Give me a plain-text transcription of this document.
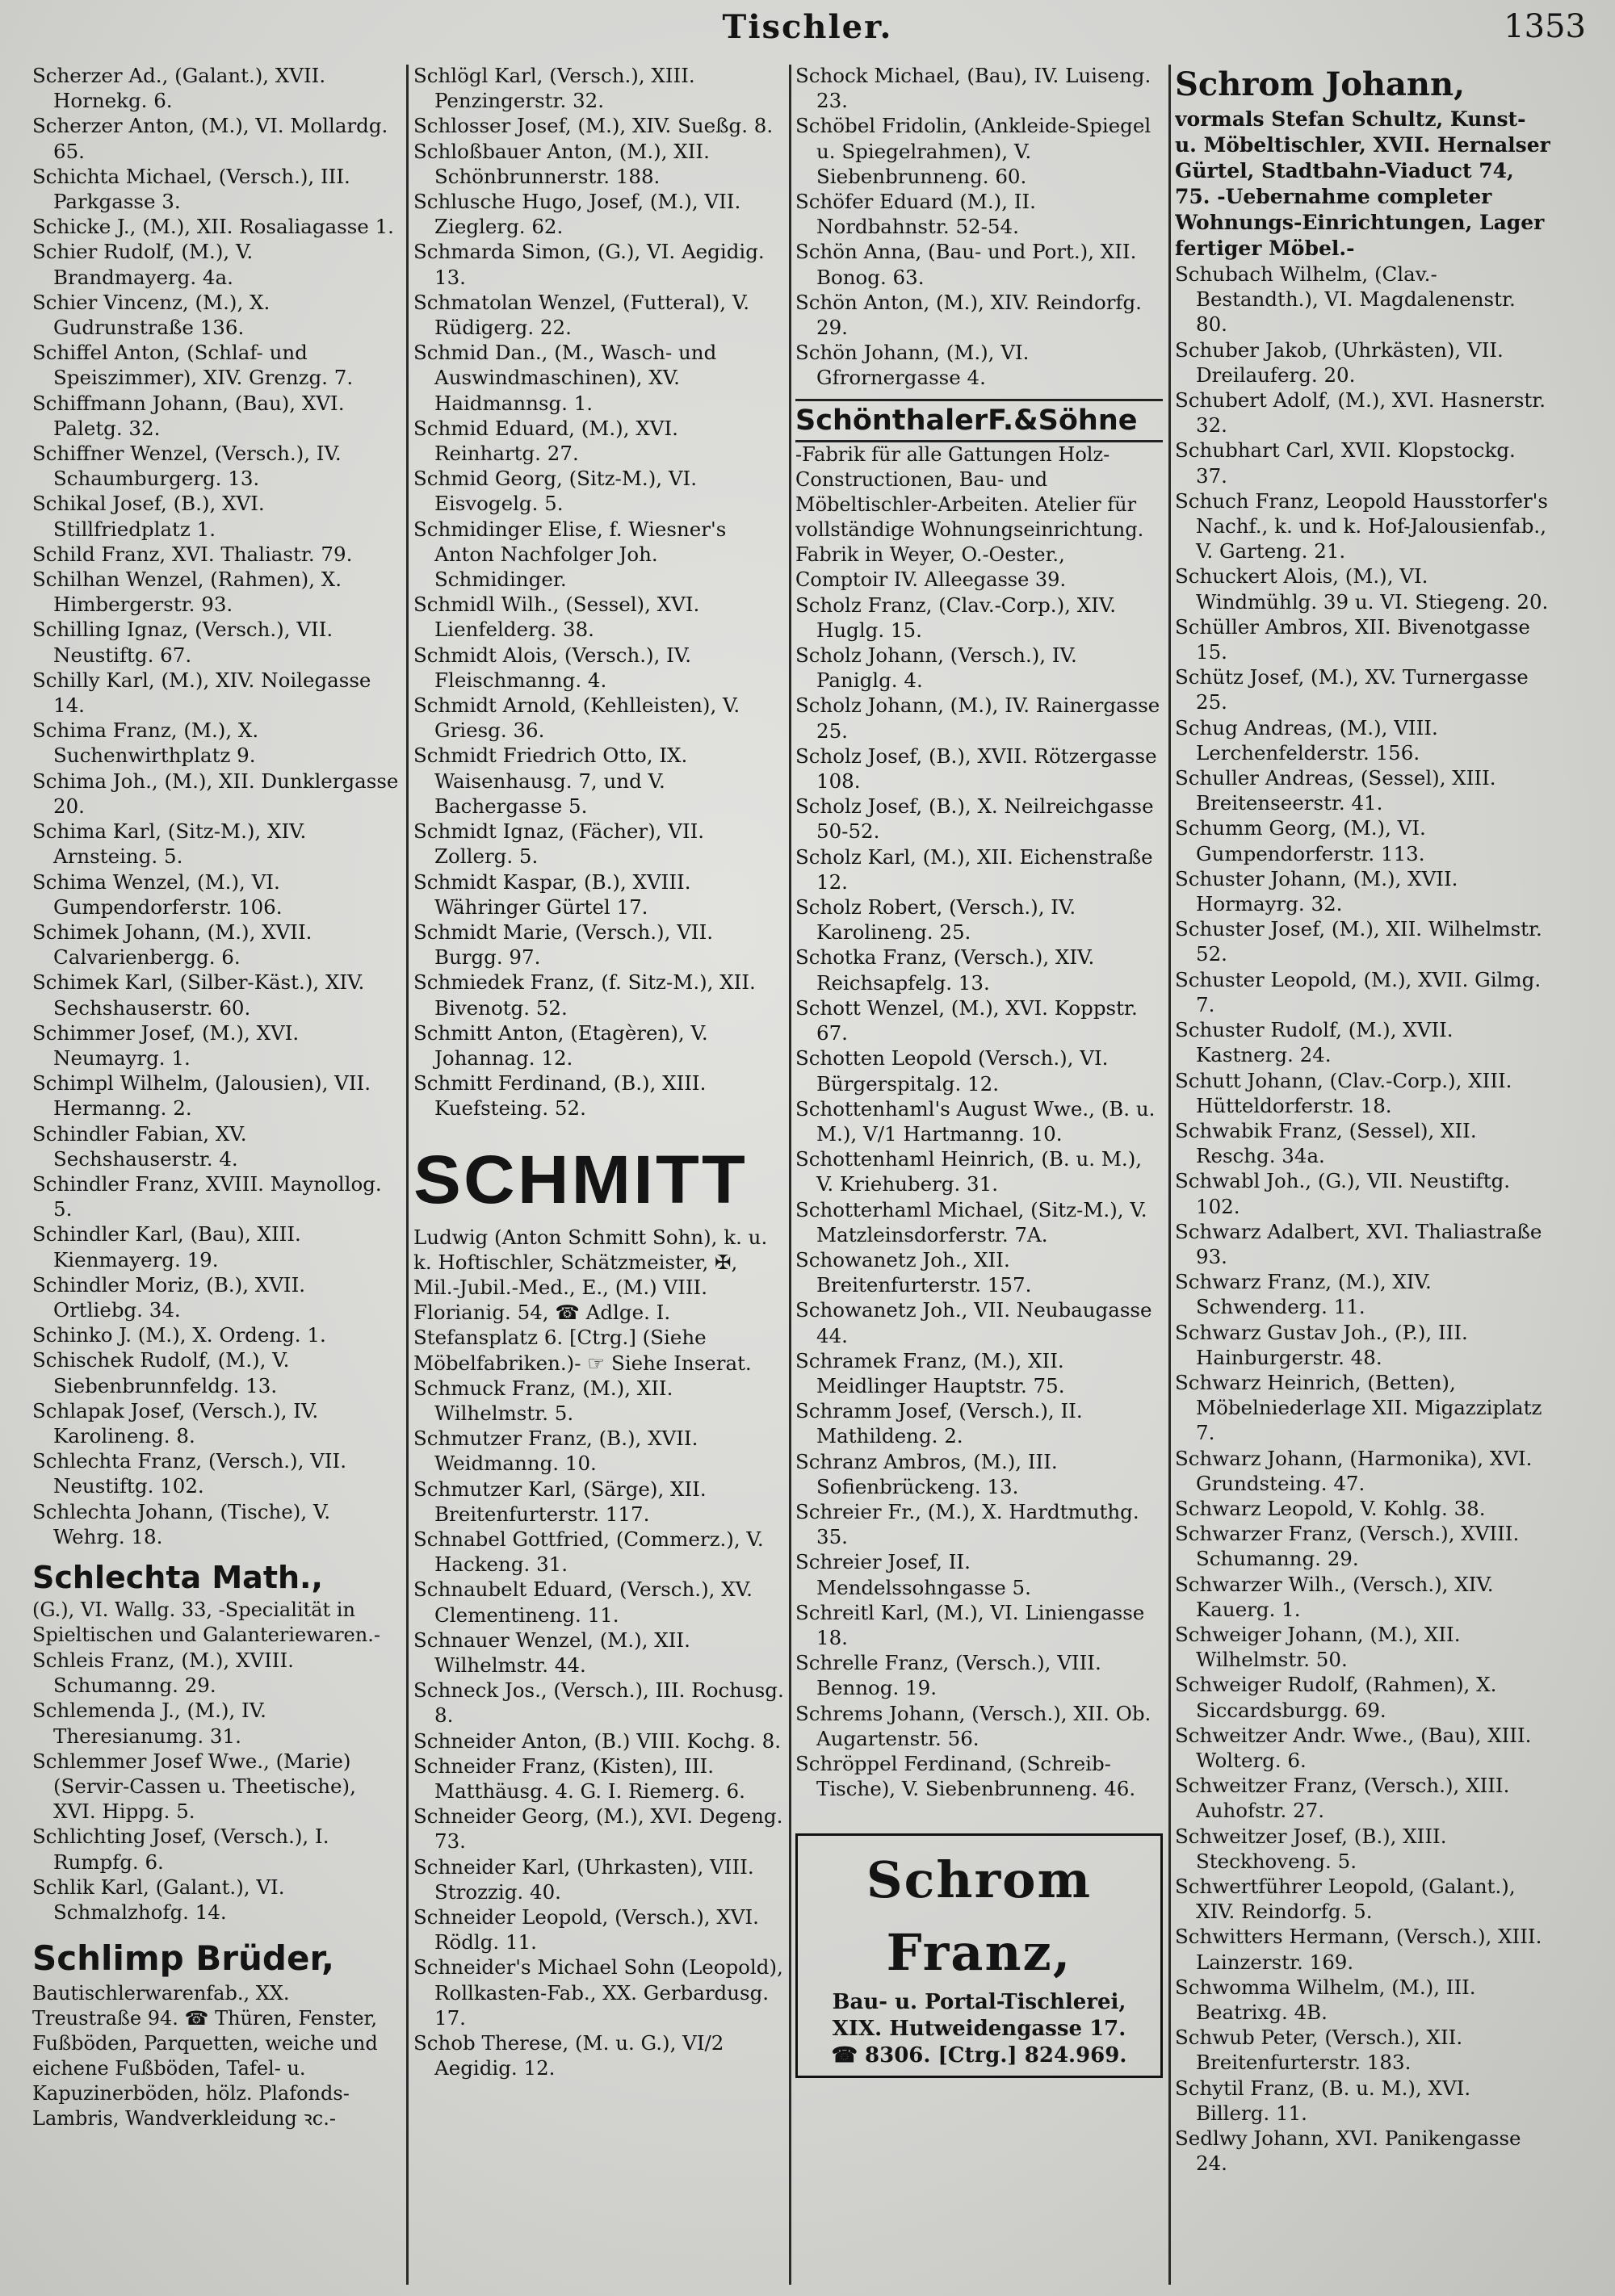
Tischler.	1353

Scherzer Ad., (Galant.), XVII. Hornekg. 6.

Scherzer Anton, (M.), VI. Mollardg. 65.

Schichta Michael, (Versch.), III. Parkgasse 3.

Schicke J., (M.), XII. Rosaliagasse 1.

Schier Rudolf, (M.), V. Brandmayerg. 4a.

Schier Vincenz, (M.), X. Gudrunstraße 136.

Schiffel Anton, (Schlaf- und Speiszimmer), XIV. Grenzg. 7.

Schiffmann Johann, (Bau), XVI. Paletg. 32.

Schiffner Wenzel, (Versch.), IV. Schaumburgerg. 13.

Schikal Josef, (B.), XVI. Stillfriedplatz 1.

Schild Franz, XVI. Thaliastr. 79.

Schilhan Wenzel, (Rahmen), X. Himbergerstr. 93.

Schilling Ignaz, (Versch.), VII. Neustiftg. 67.

Schilly Karl, (M.), XIV. Noilegasse 14.

Schima Franz, (M.), X. Suchenwirthplatz 9.

Schima Joh., (M.), XII. Dunklergasse 20.

Schima Karl, (Sitz-M.), XIV. Arnsteing. 5.

Schima Wenzel, (M.), VI. Gumpendorferstr. 106.

Schimek Johann, (M.), XVII. Calvarienbergg. 6.

Schimek Karl, (Silber-Käst.), XIV. Sechshauserstr. 60.

Schimmer Josef, (M.), XVI. Neumayrg. 1.

Schimpl Wilhelm, (Jalousien), VII. Hermanng. 2.

Schindler Fabian, XV. Sechshauserstr. 4.

Schindler Franz, XVIII. Maynollog. 5.

Schindler Karl, (Bau), XIII. Kienmayerg. 19.

Schindler Moriz, (B.), XVII. Ortliebg. 34.

Schinko J. (M.), X. Ordeng. 1.

Schischek Rudolf, (M.), V. Siebenbrunnfeldg. 13.

Schlapak Josef, (Versch.), IV. Karolineng. 8.

Schlechta Franz, (Versch.), VII. Neustiftg. 102.

Schlechta Johann, (Tische), V. Wehrg. 18.

Schlechta Math.,
(G.), VI. Wallg. 33, -Specialität in Spieltischen und Galanteriewaren.-

Schleis Franz, (M.), XVIII. Schumanng. 29.

Schlemenda J., (M.), IV. Theresianumg. 31.

Schlemmer Josef Wwe., (Marie)(Servir-Cassen u. Theetische), XVI. Hippg. 5.

Schlichting Josef, (Versch.), I. Rumpfg. 6.

Schlik Karl, (Galant.), VI. Schmalzhofg. 14.

Schlimp Brüder,
Bautischlerwarenfab., XX. Treustraße 94. ☎ Thüren, Fenster, Fußböden, Parquetten, weiche und eichene Fußböden, Tafel- u. Kapuzinerböden, hölz. Plafonds-Lambris, Wandverkleidung ꝛc.-

Schlögl Karl, (Versch.), XIII. Penzingerstr. 32.

Schlosser Josef, (M.), XIV. Sueßg. 8.

Schloßbauer Anton, (M.), XII. Schönbrunnerstr. 188.

Schlusche Hugo, Josef, (M.), VII. Zieglerg. 62.

Schmarda Simon, (G.), VI. Aegidig. 13.

Schmatolan Wenzel, (Futteral), V. Rüdigerg. 22.

Schmid Dan., (M., Wasch- und Auswindmaschinen), XV. Haidmannsg. 1.

Schmid Eduard, (M.), XVI. Reinhartg. 27.

Schmid Georg, (Sitz-M.), VI. Eisvogelg. 5.

Schmidinger Elise, f. Wiesner's Anton Nachfolger Joh. Schmidinger.

Schmidl Wilh., (Sessel), XVI. Lienfelderg. 38.

Schmidt Alois, (Versch.), IV. Fleischmanng. 4.

Schmidt Arnold, (Kehlleisten), V. Griesg. 36.

Schmidt Friedrich Otto, IX. Waisenhausg. 7, und V. Bachergasse 5.

Schmidt Ignaz, (Fächer), VII. Zollerg. 5.

Schmidt Kaspar, (B.), XVIII. Währinger Gürtel 17.

Schmidt Marie, (Versch.), VII. Burgg. 97.

Schmiedek Franz, (f. Sitz-M.), XII. Bivenotg. 52.

Schmitt Anton, (Etagèren), V. Johannag. 12.

Schmitt Ferdinand, (B.), XIII. Kuefsteing. 52.

SCHMITT
Ludwig (Anton Schmitt Sohn), k. u. k. Hoftischler, Schätzmeister, ✠, Mil.-Jubil.-Med., E., (M.) VIII. Florianig. 54, ☎ Adlge. I. Stefansplatz 6. [Ctrg.] (Siehe Möbelfabriken.)- ☞ Siehe Inserat.

Schmuck Franz, (M.), XII. Wilhelmstr. 5.

Schmutzer Franz, (B.), XVII. Weidmanng. 10.

Schmutzer Karl, (Särge), XII. Breitenfurterstr. 117.

Schnabel Gottfried, (Commerz.), V. Hackeng. 31.

Schnaubelt Eduard, (Versch.), XV. Clementineng. 11.

Schnauer Wenzel, (M.), XII. Wilhelmstr. 44.

Schneck Jos., (Versch.), III. Rochusg. 8.

Schneider Anton, (B.) VIII. Kochg. 8.

Schneider Franz, (Kisten), III. Matthäusg. 4. G. I. Riemerg. 6.

Schneider Georg, (M.), XVI. Degeng. 73.

Schneider Karl, (Uhrkasten), VIII. Strozzig. 40.

Schneider Leopold, (Versch.), XVI. Rödlg. 11.

Schneider's Michael Sohn (Leopold), Rollkasten-Fab., XX. Gerbardusg. 17.

Schob Therese, (M. u. G.), VI/2 Aegidig. 12.

Schock Michael, (Bau), IV. Luiseng. 23.

Schöbel Fridolin, (Ankleide-Spiegel u. Spiegelrahmen), V. Siebenbrunneng. 60.

Schöfer Eduard (M.), II. Nordbahnstr. 52-54.

Schön Anna, (Bau- und Port.), XII. Bonog. 63.

Schön Anton, (M.), XIV. Reindorfg. 29.

Schön Johann, (M.), VI. Gfrornergasse 4.

SchönthalerF.&Söhne
-Fabrik für alle Gattungen Holz-Constructionen, Bau- und Möbeltischler-Arbeiten. Atelier für vollständige Wohnungseinrichtung. Fabrik in Weyer, O.-Oester., Comptoir IV. Alleegasse 39.

Scholz Franz, (Clav.-Corp.), XIV. Huglg. 15.

Scholz Johann, (Versch.), IV. Paniglg. 4.

Scholz Johann, (M.), IV. Rainergasse 25.

Scholz Josef, (B.), XVII. Rötzergasse 108.

Scholz Josef, (B.), X. Neilreichgasse 50-52.

Scholz Karl, (M.), XII. Eichenstraße 12.

Scholz Robert, (Versch.), IV. Karolineng. 25.

Schotka Franz, (Versch.), XIV. Reichsapfelg. 13.

Schott Wenzel, (M.), XVI. Koppstr. 67.

Schotten Leopold (Versch.), VI. Bürgerspitalg. 12.

Schottenhaml's August Wwe., (B. u. M.), V/1 Hartmanng. 10.

Schottenhaml Heinrich, (B. u. M.), V. Kriehuberg. 31.

Schotterhaml Michael, (Sitz-M.), V. Matzleinsdorferstr. 7A.

Schowanetz Joh., XII. Breitenfurterstr. 157.

Schowanetz Joh., VII. Neubaugasse 44.

Schramek Franz, (M.), XII. Meidlinger Hauptstr. 75.

Schramm Josef, (Versch.), II. Mathildeng. 2.

Schranz Ambros, (M.), III. Sofienbrückeng. 13.

Schreier Fr., (M.), X. Hardtmuthg. 35.

Schreier Josef, II. Mendelssohngasse 5.

Schreitl Karl, (M.), VI. Liniengasse 18.

Schrelle Franz, (Versch.), VIII. Bennog. 19.

Schrems Johann, (Versch.), XII. Ob. Augartenstr. 56.

Schröppel Ferdinand, (Schreib-Tische), V. Siebenbrunneng. 46.

Schrom Franz,
Bau- u. Portal-Tischlerei,
XIX. Hutweidengasse 17.
☎ 8306. [Ctrg.] 824.969.
Schrom Johann,
vormals Stefan Schultz, Kunst- u. Möbeltischler, XVII. Hernalser Gürtel, Stadtbahn-Viaduct 74, 75. -Uebernahme completer Wohnungs-Einrichtungen, Lager fertiger Möbel.-

Schubach Wilhelm, (Clav.-Bestandth.), VI. Magdalenenstr. 80.

Schuber Jakob, (Uhrkästen), VII. Dreilauferg. 20.

Schubert Adolf, (M.), XVI. Hasnerstr. 32.

Schubhart Carl, XVII. Klopstockg. 37.

Schuch Franz, Leopold Hausstorfer's Nachf., k. und k. Hof-Jalousienfab., V. Garteng. 21.

Schuckert Alois, (M.), VI. Windmühlg. 39 u. VI. Stiegeng. 20.

Schüller Ambros, XII. Bivenotgasse 15.

Schütz Josef, (M.), XV. Turnergasse 25.

Schug Andreas, (M.), VIII. Lerchenfelderstr. 156.

Schuller Andreas, (Sessel), XIII. Breitenseerstr. 41.

Schumm Georg, (M.), VI. Gumpendorferstr. 113.

Schuster Johann, (M.), XVII. Hormayrg. 32.

Schuster Josef, (M.), XII. Wilhelmstr. 52.

Schuster Leopold, (M.), XVII. Gilmg. 7.

Schuster Rudolf, (M.), XVII. Kastnerg. 24.

Schutt Johann, (Clav.-Corp.), XIII. Hütteldorferstr. 18.

Schwabik Franz, (Sessel), XII. Reschg. 34a.

Schwabl Joh., (G.), VII. Neustiftg. 102.

Schwarz Adalbert, XVI. Thaliastraße 93.

Schwarz Franz, (M.), XIV. Schwenderg. 11.

Schwarz Gustav Joh., (P.), III. Hainburgerstr. 48.

Schwarz Heinrich, (Betten), Möbelniederlage XII. Migazziplatz 7.

Schwarz Johann, (Harmonika), XVI. Grundsteing. 47.

Schwarz Leopold, V. Kohlg. 38.

Schwarzer Franz, (Versch.), XVIII. Schumanng. 29.

Schwarzer Wilh., (Versch.), XIV. Kauerg. 1.

Schweiger Johann, (M.), XII. Wilhelmstr. 50.

Schweiger Rudolf, (Rahmen), X. Siccardsburgg. 69.

Schweitzer Andr. Wwe., (Bau), XIII. Wolterg. 6.

Schweitzer Franz, (Versch.), XIII. Auhofstr. 27.

Schweitzer Josef, (B.), XIII. Steckhoveng. 5.

Schwertführer Leopold, (Galant.), XIV. Reindorfg. 5.

Schwitters Hermann, (Versch.), XIII. Lainzerstr. 169.

Schwomma Wilhelm, (M.), III. Beatrixg. 4B.

Schwub Peter, (Versch.), XII. Breitenfurterstr. 183.

Schytil Franz, (B. u. M.), XVI. Billerg. 11.

Sedlwy Johann, XVI. Panikengasse 24.
